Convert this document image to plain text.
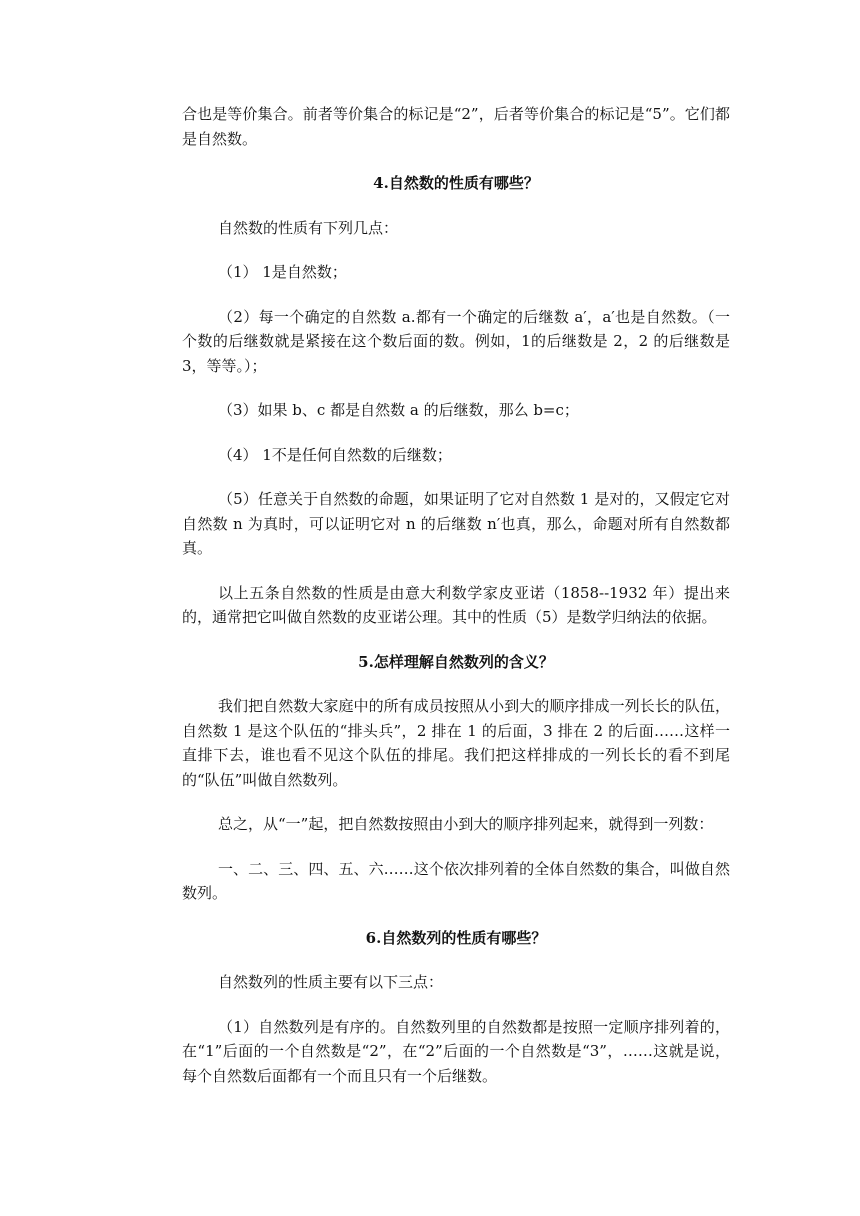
合也是等价集合。前者等价集合的标记是“2”，后者等价集合的标记是“5”。它们都是自然数。

4.自然数的性质有哪些？

自然数的性质有下列几点：

（1） 1是自然数；

（2）每一个确定的自然数 a.都有一个确定的后继数 a′，a′也是自然数。（一个数的后继数就是紧接在这个数后面的数。例如，1的后继数是 2，2 的后继数是 3，等等。）；

（3）如果 b、c 都是自然数 a 的后继数，那么 b=c；

（4） 1不是任何自然数的后继数；

（5）任意关于自然数的命题，如果证明了它对自然数 1 是对的，又假定它对自然数 n 为真时，可以证明它对 n 的后继数 n′也真，那么，命题对所有自然数都真。

以上五条自然数的性质是由意大利数学家皮亚诺（1858--1932 年）提出来的，通常把它叫做自然数的皮亚诺公理。其中的性质（5）是数学归纳法的依据。

5.怎样理解自然数列的含义？

我们把自然数大家庭中的所有成员按照从小到大的顺序排成一列长长的队伍，自然数 1 是这个队伍的“排头兵”，2 排在 1 的后面，3 排在 2 的后面……这样一直排下去，谁也看不见这个队伍的排尾。我们把这样排成的一列长长的看不到尾的“队伍”叫做自然数列。

总之，从“一”起，把自然数按照由小到大的顺序排列起来，就得到一列数：

一、二、三、四、五、六……这个依次排列着的全体自然数的集合，叫做自然数列。

6.自然数列的性质有哪些？

自然数列的性质主要有以下三点：

（1）自然数列是有序的。自然数列里的自然数都是按照一定顺序排列着的，在“1”后面的一个自然数是“2”，在“2”后面的一个自然数是“3”，……这就是说，每个自然数后面都有一个而且只有一个后继数。
